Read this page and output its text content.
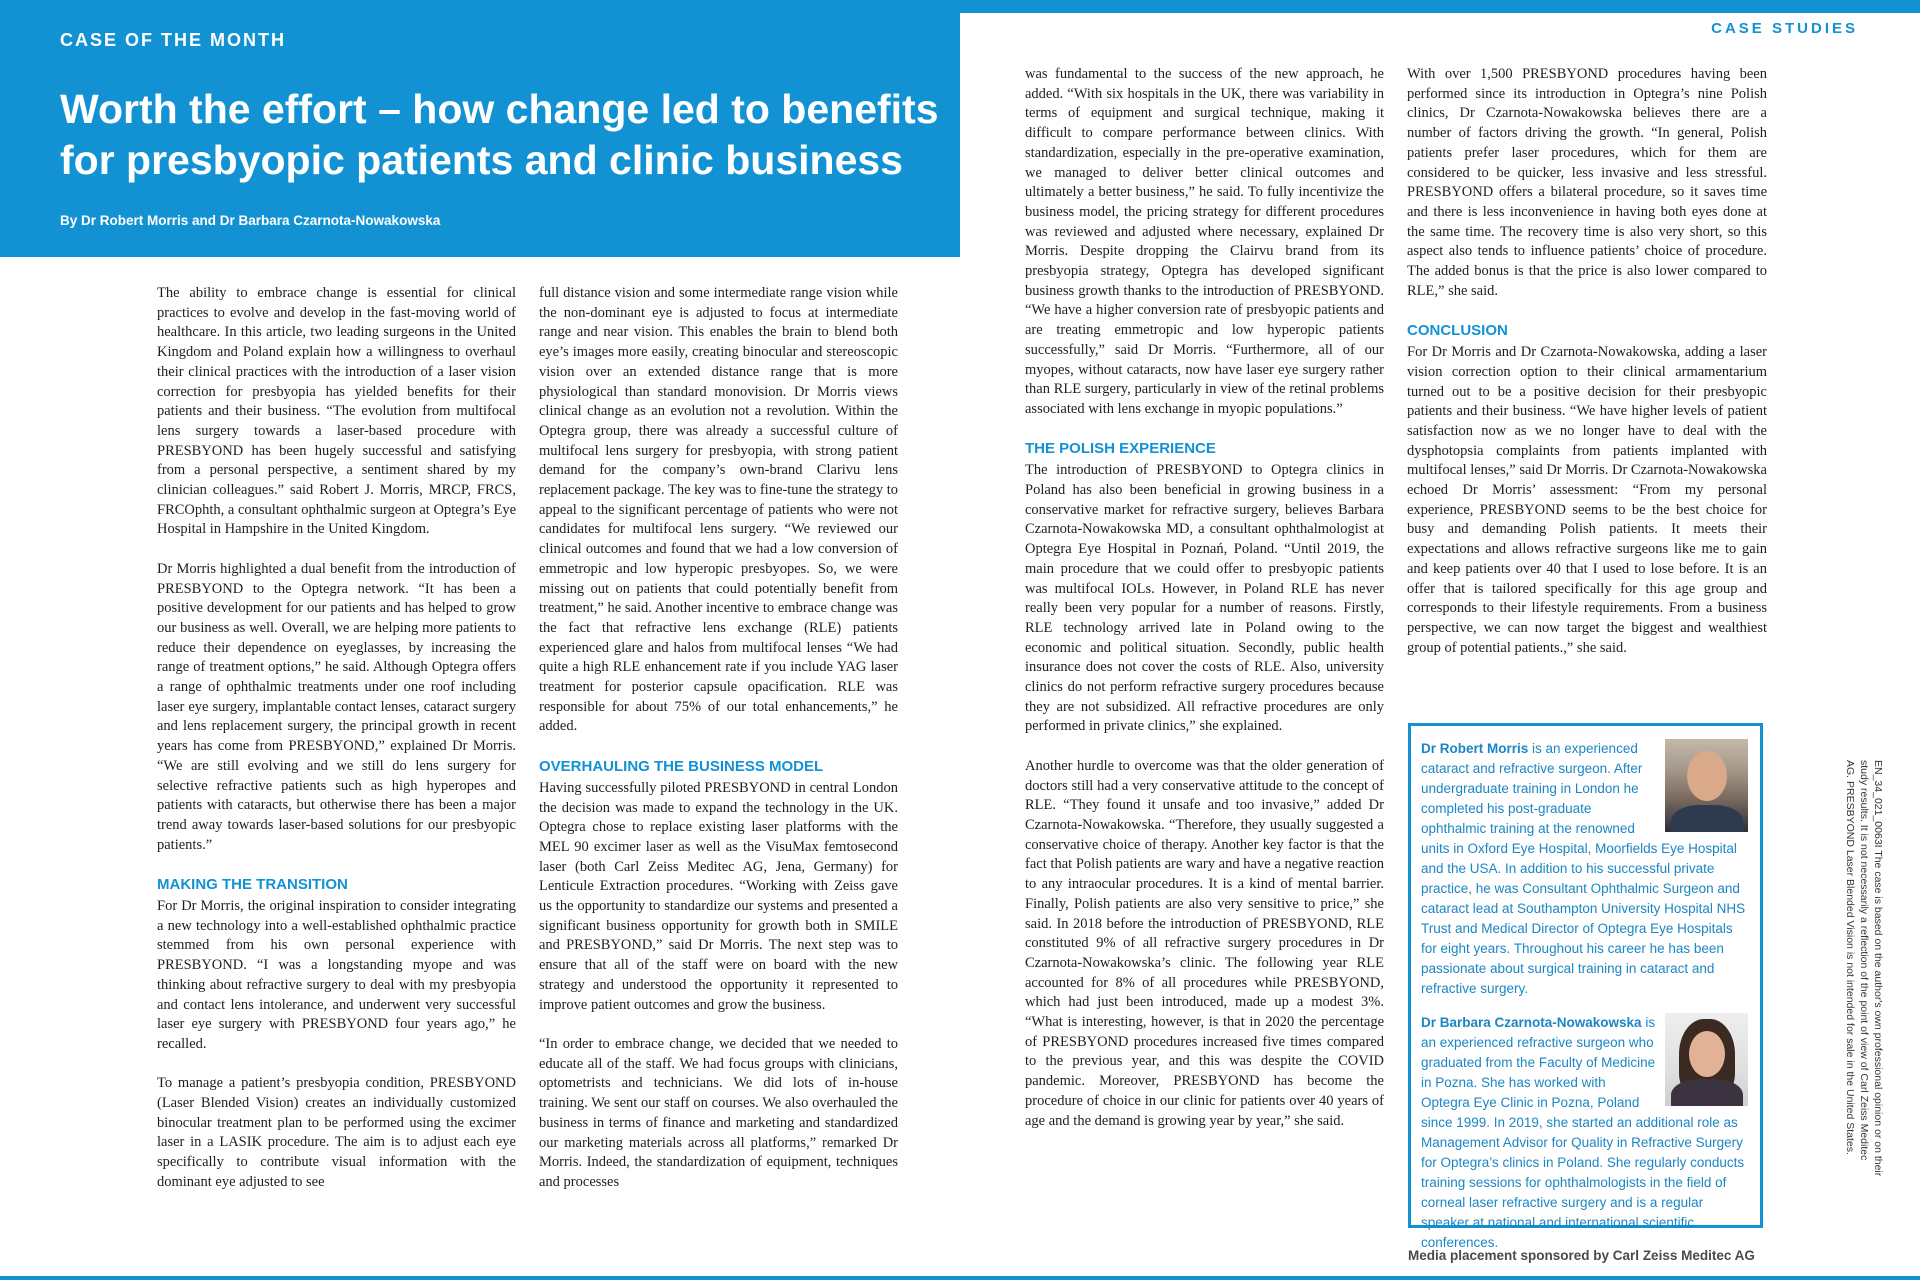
CASE OF THE MONTH
Worth the effort – how change led to benefits for presbyopic patients and clinic business
By Dr Robert Morris and Dr Barbara Czarnota-Nowakowska
CASE STUDIES

The ability to embrace change is essential for clinical practices to evolve and develop in the fast-moving world of healthcare. In this article, two leading surgeons in the United Kingdom and Poland explain how a willingness to overhaul their clinical practices with the introduction of a laser vision correction for presbyopia has yielded benefits for their patients and their business. “The evolution from multifocal lens surgery towards a laser-based procedure with PRESBYOND has been hugely successful and satisfying from a personal perspective, a sentiment shared by my clinician colleagues.” said Robert J. Morris, MRCP, FRCS, FRCOphth, a consultant ophthalmic surgeon at Optegra’s Eye Hospital in Hampshire in the United Kingdom.

Dr Morris highlighted a dual benefit from the introduction of PRESBYOND to the Optegra network. “It has been a positive development for our patients and has helped to grow our business as well. Overall, we are helping more patients to reduce their dependence on eyeglasses, by increasing the range of treatment options,” he said. Although Optegra offers a range of ophthalmic treatments under one roof including laser eye surgery, implantable contact lenses, cataract surgery and lens replacement surgery, the principal growth in recent years has come from PRESBYOND,” explained Dr Morris. “We are still evolving and we still do lens surgery for selective refractive patients such as high hyperopes and patients with cataracts, but otherwise there has been a major trend away towards laser-based solutions for our presbyopic patients.”

MAKING THE TRANSITION

For Dr Morris, the original inspiration to consider integrating a new technology into a well-established ophthalmic practice stemmed from his own personal experience with PRESBYOND. “I was a longstanding myope and was thinking about refractive surgery to deal with my presbyopia and contact lens intolerance, and underwent very successful laser eye surgery with PRESBYOND four years ago,” he recalled.

To manage a patient’s presbyopia condition, PRESBYOND (Laser Blended Vision) creates an individually customized binocular treatment plan to be performed using the excimer laser in a LASIK procedure. The aim is to adjust each eye specifically to contribute visual information with the dominant eye adjusted to see

full distance vision and some intermediate range vision while the non-dominant eye is adjusted to focus at intermediate range and near vision. This enables the brain to blend both eye’s images more easily, creating binocular and stereoscopic vision over an extended distance range that is more physiological than standard monovision. Dr Morris views clinical change as an evolution not a revolution. Within the Optegra group, there was already a successful culture of multifocal lens surgery for presbyopia, with strong patient demand for the company’s own-brand Clarivu lens replacement package. The key was to fine-tune the strategy to appeal to the significant percentage of patients who were not candidates for multifocal lens surgery. “We reviewed our clinical outcomes and found that we had a low conversion of emmetropic and low hyperopic presbyopes. So, we were missing out on patients that could potentially benefit from treatment,” he said. Another incentive to embrace change was the fact that refractive lens exchange (RLE) patients experienced glare and halos from multifocal lenses “We had quite a high RLE enhancement rate if you include YAG laser treatment for posterior capsule opacification. RLE was responsible for about 75% of our total enhancements,” he added.

OVERHAULING THE BUSINESS MODEL

Having successfully piloted PRESBYOND in central London the decision was made to expand the technology in the UK. Optegra chose to replace existing laser platforms with the MEL 90 excimer laser as well as the VisuMax femtosecond laser (both Carl Zeiss Meditec AG, Jena, Germany) for Lenticule Extraction procedures. “Working with Zeiss gave us the opportunity to standardize our systems and presented a significant business opportunity for growth both in SMILE and PRESBYOND,” said Dr Morris. The next step was to ensure that all of the staff were on board with the new strategy and understood the opportunity it represented to improve patient outcomes and grow the business.

“In order to embrace change, we decided that we needed to educate all of the staff. We had focus groups with clinicians, optometrists and technicians. We did lots of in-house training. We sent our staff on courses. We also overhauled the business in terms of finance and marketing and standardized our marketing materials across all platforms,” remarked Dr Morris. Indeed, the standardization of equipment, techniques and processes

was fundamental to the success of the new approach, he added. “With six hospitals in the UK, there was variability in terms of equipment and surgical technique, making it difficult to compare performance between clinics. With standardization, especially in the pre-operative examination, we managed to deliver better clinical outcomes and ultimately a better business,” he said. To fully incentivize the business model, the pricing strategy for different procedures was reviewed and adjusted where necessary, explained Dr Morris. Despite dropping the Clairvu brand from its presbyopia strategy, Optegra has developed significant business growth thanks to the introduction of PRESBYOND. “We have a higher conversion rate of presbyopic patients and are treating emmetropic and low hyperopic patients successfully,” said Dr Morris. “Furthermore, all of our myopes, without cataracts, now have laser eye surgery rather than RLE surgery, particularly in view of the retinal problems associated with lens exchange in myopic populations.”

THE POLISH EXPERIENCE

The introduction of PRESBYOND to Optegra clinics in Poland has also been beneficial in growing business in a conservative market for refractive surgery, believes Barbara Czarnota-Nowakowska MD, a consultant ophthalmologist at Optegra Eye Hospital in Poznań, Poland. “Until 2019, the main procedure that we could offer to presbyopic patients was multifocal IOLs. However, in Poland RLE has never really been very popular for a number of reasons. Firstly, RLE technology arrived late in Poland owing to the economic and political situation. Secondly, public health insurance does not cover the costs of RLE. Also, university clinics do not perform refractive surgery procedures because they are not subsidized. All refractive procedures are only performed in private clinics,” she explained.

Another hurdle to overcome was that the older generation of doctors still had a very conservative attitude to the concept of RLE. “They found it unsafe and too invasive,” added Dr Czarnota-Nowakowska. “Therefore, they usually suggested a conservative choice of therapy. Another key factor is that the fact that Polish patients are wary and have a negative reaction to any intraocular procedures. It is a kind of mental barrier. Finally, Polish patients are also very sensitive to price,” she said. In 2018 before the introduction of PRESBYOND, RLE constituted 9% of all refractive surgery procedures in Dr Czarnota-Nowakowska’s clinic. The following year RLE accounted for 8% of all procedures while PRESBYOND, which had just been introduced, made up a modest 3%. “What is interesting, however, is that in 2020 the percentage of PRESBYOND procedures increased five times compared to the previous year, and this was despite the COVID pandemic. Moreover, PRESBYOND has become the procedure of choice in our clinic for patients over 40 years of age and the demand is growing year by year,” she said.

With over 1,500 PRESBYOND procedures having been performed since its introduction in Optegra’s nine Polish clinics, Dr Czarnota-Nowakowska believes there are a number of factors driving the growth. “In general, Polish patients prefer laser procedures, which for them are considered to be quicker, less invasive and less stressful. PRESBYOND offers a bilateral procedure, so it saves time and there is less inconvenience in having both eyes done at the same time. The recovery time is also very short, so this aspect also tends to influence patients’ choice of procedure. The added bonus is that the price is also lower compared to RLE,” she said.

CONCLUSION

For Dr Morris and Dr Czarnota-Nowakowska, adding a laser vision correction option to their clinical armamentarium turned out to be a positive decision for their presbyopic patients and their business. “We have higher levels of patient satisfaction now as we no longer have to deal with the dysphotopsia complaints from patients implanted with multifocal lenses,” said Dr Morris. Dr Czarnota-Nowakowska echoed Dr Morris’ assessment: “From my personal experience, PRESBYOND seems to be the best choice for busy and demanding Polish patients. It meets their expectations and allows refractive surgeons like me to gain and keep patients over 40 that I used to lose before. It is an offer that is tailored specifically for this age group and corresponds to their lifestyle requirements. From a business perspective, we can now target the biggest and wealthiest group of potential patients.,” she said.

Dr Robert Morris is an experienced cataract and refractive surgeon. After undergraduate training in London he completed his post-graduate ophthalmic training at the renowned units in Oxford Eye Hospital, Moorfields Eye Hospital and the USA. In addition to his successful private practice, he was Consultant Ophthalmic Surgeon and cataract lead at Southampton University Hospital NHS Trust and Medical Director of Optegra Eye Hospitals for eight years. Throughout his career he has been passionate about surgical training in cataract and refractive surgery.
Dr Barbara Czarnota-Nowakowska is an experienced refractive surgeon who graduated from the Faculty of Medicine in Pozna. She has worked with Optegra Eye Clinic in Pozna, Poland since 1999. In 2019, she started an additional role as Management Advisor for Quality in Refractive Surgery for Optegra’s clinics in Poland. She regularly conducts training sessions for ophthalmologists in the field of corneal laser refractive surgery and is a regular speaker at national and international scientific conferences.
Media placement sponsored by Carl Zeiss Meditec AG
EN_34_021_0063I The case is based on the author's own professional opinion or on their study results. It is not necessarily a reflection of the point of view of Carl Zeiss Meditec AG. PRESBYOND Laser Blended Vision is not intended for sale in the United States.
